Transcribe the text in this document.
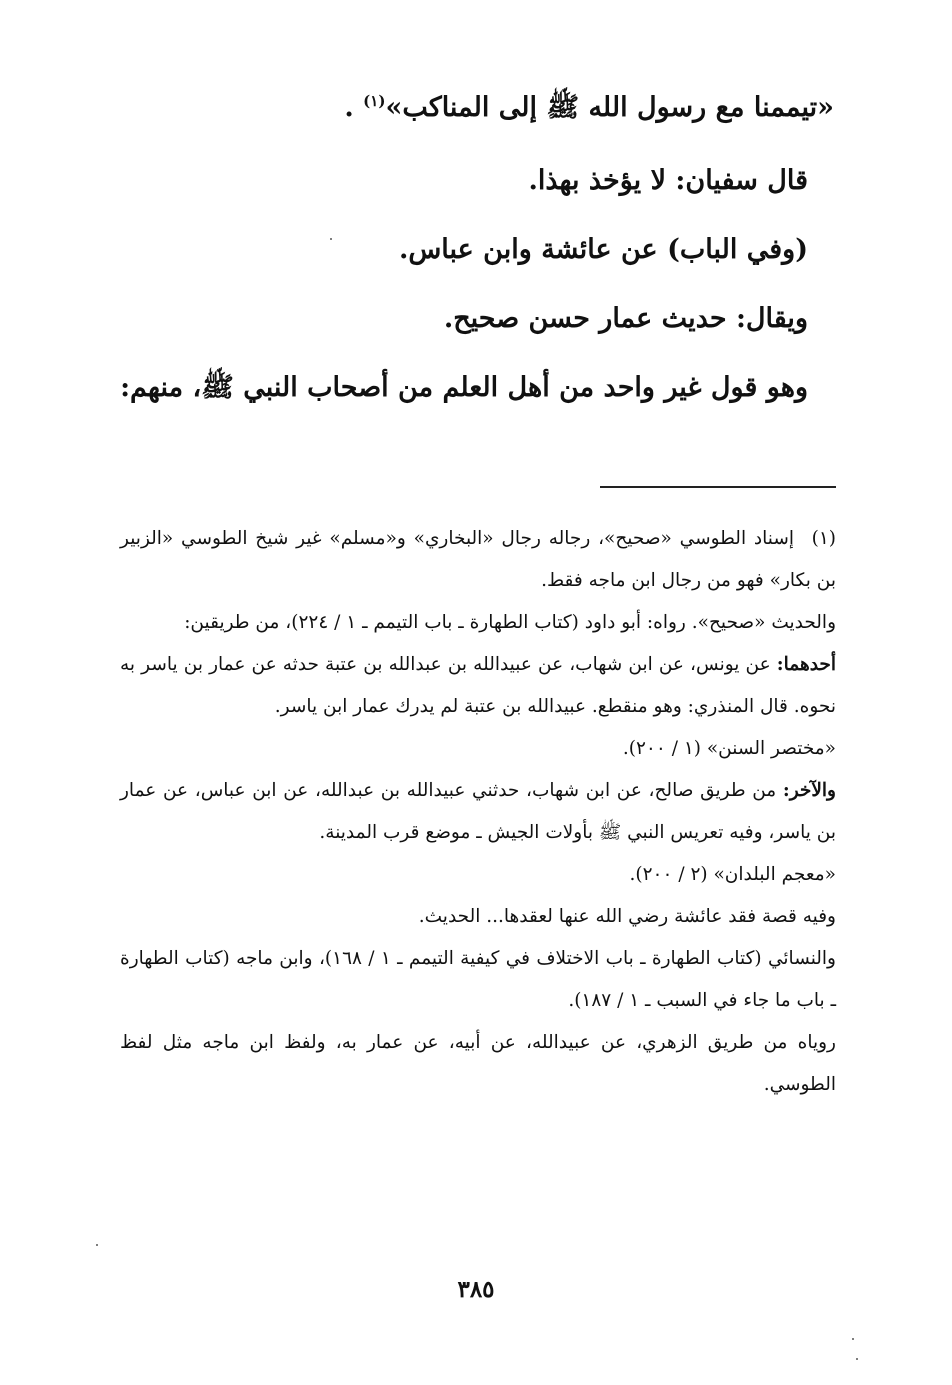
«تيممنا مع رسول الله ﷺ إلى المناكب»$^{(١)}$ .
قال سفيان: لا يؤخذ بهذا.
(وفي الباب) عن عائشة وابن عباس.
ويقال: حديث عمار حسن صحيح.
وهو قول غير واحد من أهل العلم من أصحاب النبي ﷺ، منهم:

(١)إسناد الطوسي «صحيح»، رجاله رجال «البخاري» و«مسلم» غير شيخ الطوسي «الزبير بن بكار» فهو من رجال ابن ماجه فقط.

والحديث «صحيح». رواه: أبو داود (كتاب الطهارة ـ باب التيمم ـ ١ / ٢٢٤)، من طريقين:

أحدهما: عن يونس، عن ابن شهاب، عن عبيدالله بن عبدالله بن عتبة حدثه عن عمار بن ياسر به نحوه. قال المنذري: وهو منقطع. عبيدالله بن عتبة لم يدرك عمار ابن ياسر.

«مختصر السنن» (١ / ٢٠٠).

والآخر: من طريق صالح، عن ابن شهاب، حدثني عبيدالله بن عبدالله، عن ابن عباس، عن عمار بن ياسر، وفيه تعريس النبي ﷺ بأولات الجيش ـ موضع قرب المدينة.

«معجم البلدان» (٢ / ٢٠٠).

وفيه قصة فقد عائشة رضي الله عنها لعقدها... الحديث.

والنسائي (كتاب الطهارة ـ باب الاختلاف في كيفية التيمم ـ ١ / ١٦٨)، وابن ماجه (كتاب الطهارة ـ باب ما جاء في السبب ـ ١ / ١٨٧).

روياه من طريق الزهري، عن عبيدالله، عن أبيه، عن عمار به، ولفظ ابن ماجه مثل لفظ الطوسي.

٣٨٥
